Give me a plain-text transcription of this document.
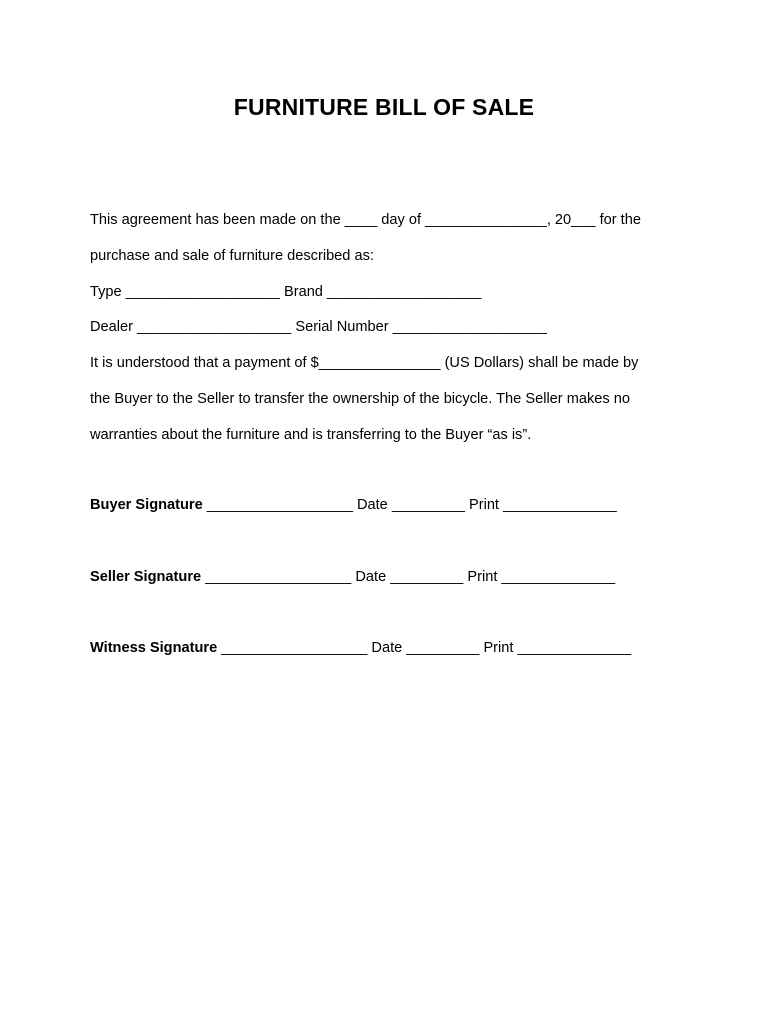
FURNITURE BILL OF SALE
This agreement has been made on the ____ day of _______________, 20___ for the
purchase and sale of furniture described as:
Type ___________________ Brand ___________________
Dealer ___________________ Serial Number ___________________
It is understood that a payment of $_______________ (US Dollars) shall be made by
the Buyer to the Seller to transfer the ownership of the bicycle. The Seller makes no
warranties about the furniture and is transferring to the Buyer “as is”.
Buyer Signature __________________ Date _________ Print ______________
Seller Signature __________________ Date _________ Print ______________
Witness Signature __________________ Date _________ Print ______________
